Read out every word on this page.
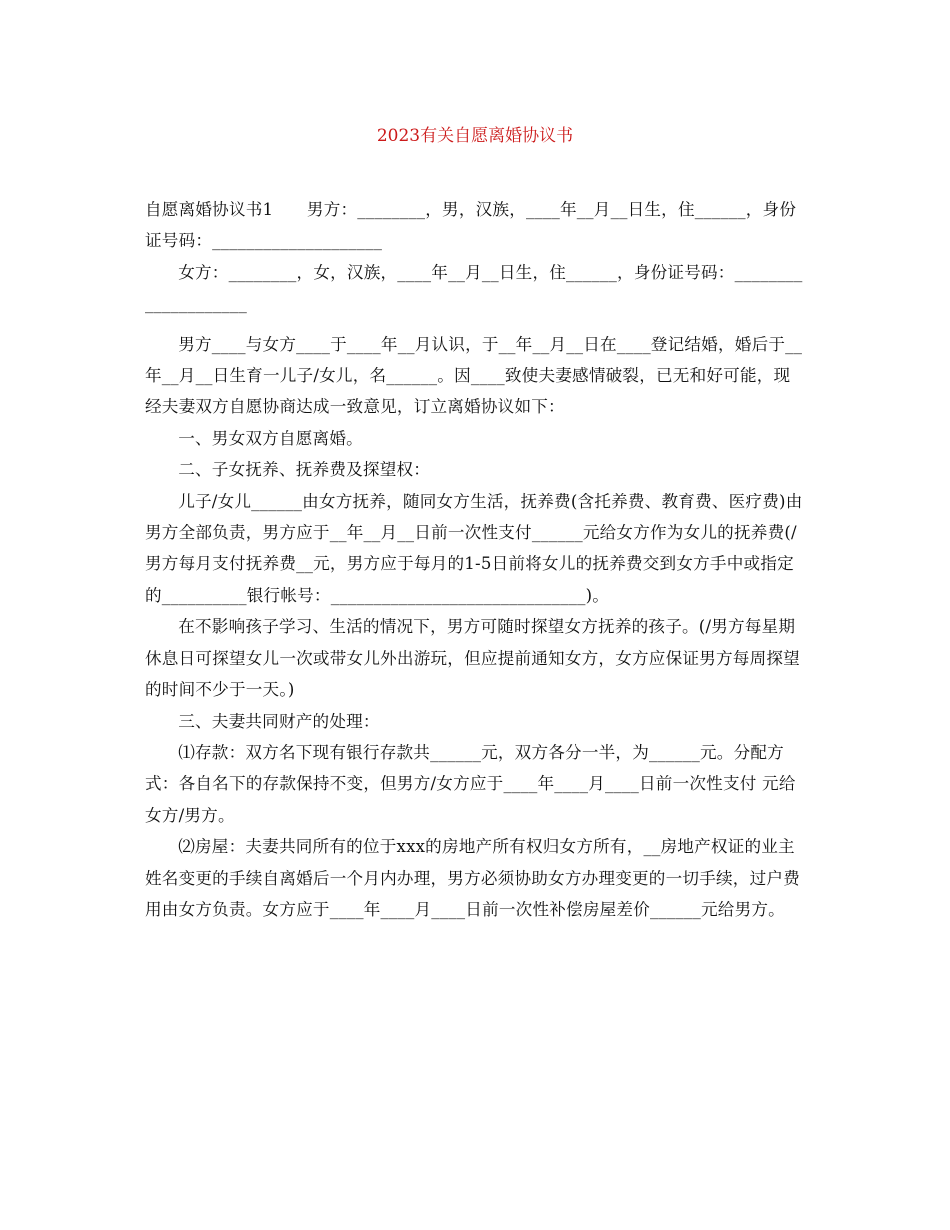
2023有关自愿离婚协议书

自愿离婚协议书1　　男方：________，男，汉族，____年__月__日生，住______，身份证号码：____________________

女方：________，女，汉族，____年__月__日生，住______，身份证号码：____________________

男方____与女方____于____年__月认识，于__年__月__日在____登记结婚，婚后于__年__月__日生育一儿子/女儿，名______。因____致使夫妻感情破裂，已无和好可能，现经夫妻双方自愿协商达成一致意见，订立离婚协议如下：

一、男女双方自愿离婚。

二、子女抚养、抚养费及探望权：

儿子/女儿______由女方抚养，随同女方生活，抚养费(含托养费、教育费、医疗费)由男方全部负责，男方应于__年__月__日前一次性支付______元给女方作为女儿的抚养费(/男方每月支付抚养费__元，男方应于每月的1-5日前将女儿的抚养费交到女方手中或指定的__________银行帐号：______________________________)。

在不影响孩子学习、生活的情况下，男方可随时探望女方抚养的孩子。(/男方每星期休息日可探望女儿一次或带女儿外出游玩，但应提前通知女方，女方应保证男方每周探望的时间不少于一天。)

三、夫妻共同财产的处理：

⑴存款：双方名下现有银行存款共______元，双方各分一半，为______元。分配方式：各自名下的存款保持不变，但男方/女方应于____年____月____日前一次性支付 元给女方/男方。

⑵房屋：夫妻共同所有的位于xxx的房地产所有权归女方所有，__房地产权证的业主姓名变更的手续自离婚后一个月内办理，男方必须协助女方办理变更的一切手续，过户费用由女方负责。女方应于____年____月____日前一次性补偿房屋差价______元给男方。
